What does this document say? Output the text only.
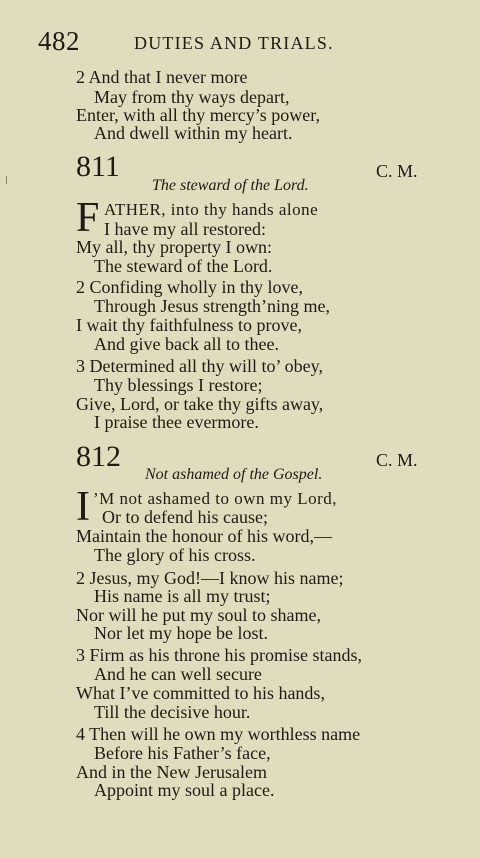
482	DUTIES AND TRIALS.
2 And that I never more
May from thy ways depart,
Enter, with all thy mercy’s power,
And dwell within my heart.
811	C. M.
The steward of the Lord.
F ATHER, into thy hands alone
I have my all restored:
My all, thy property I own:
The steward of the Lord.
2 Confiding wholly in thy love,
Through Jesus strength’ning me,
I wait thy faithfulness to prove,
And give back all to thee.
3 Determined all thy will to’ obey,
Thy blessings I restore;
Give, Lord, or take thy gifts away,
I praise thee evermore.
812	C. M.
Not ashamed of the Gospel.
I ’M not ashamed to own my Lord,
Or to defend his cause;
Maintain the honour of his word,—
The glory of his cross.
2 Jesus, my God!—I know his name;
His name is all my trust;
Nor will he put my soul to shame,
Nor let my hope be lost.
3 Firm as his throne his promise stands,
And he can well secure
What I’ve committed to his hands,
Till the decisive hour.
4 Then will he own my worthless name
Before his Father’s face,
And in the New Jerusalem
Appoint my soul a place.
